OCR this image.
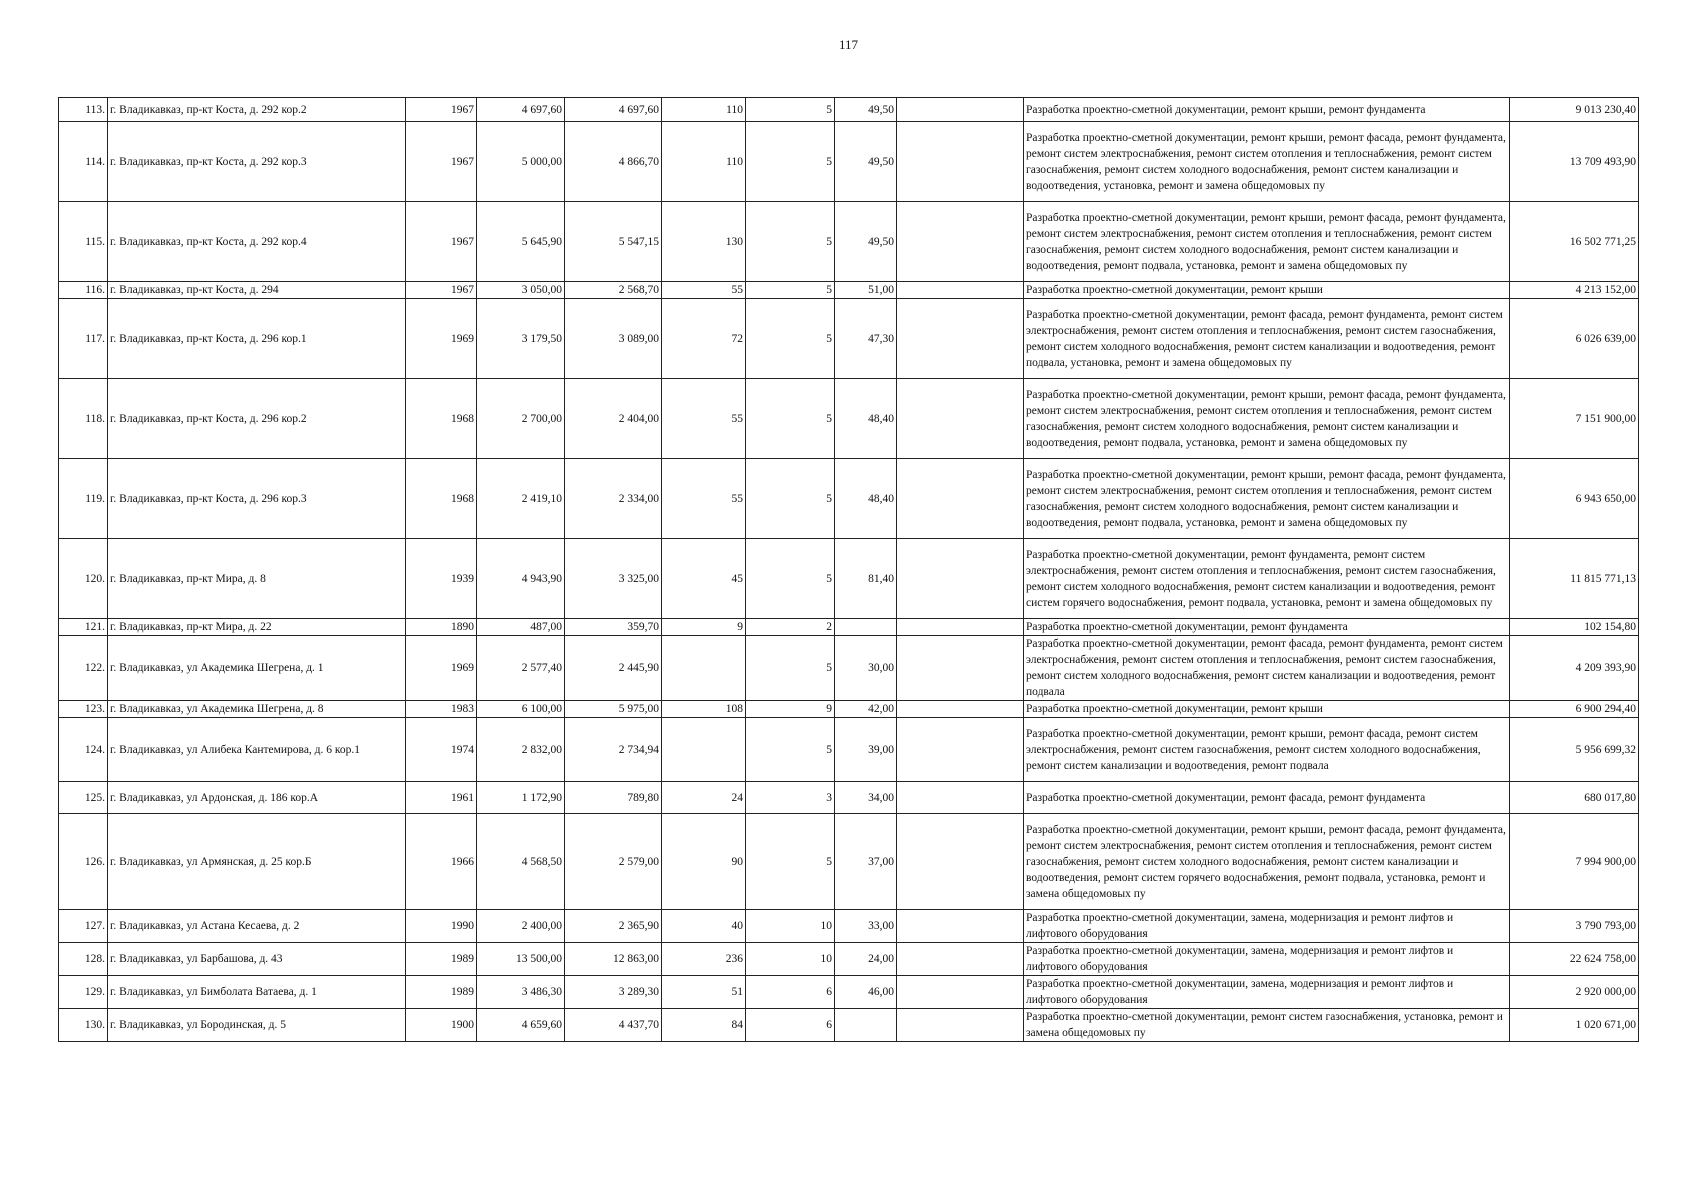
117
113.	г. Владикавказ, пр-кт Коста, д. 292 кор.2	1967	4 697,60	4 697,60	110	5	49,50		Разработка проектно-сметной документации, ремонт крыши, ремонт фундамента	9 013 230,40
114.	г. Владикавказ, пр-кт Коста, д. 292 кор.3	1967	5 000,00	4 866,70	110	5	49,50		Разработка проектно-сметной документации, ремонт крыши, ремонт фасада, ремонт фундамента, ремонт систем электроснабжения, ремонт систем отопления и теплоснабжения, ремонт систем газоснабжения, ремонт систем холодного водоснабжения, ремонт систем канализации и водоотведения, установка, ремонт и замена общедомовых пу	13 709 493,90
115.	г. Владикавказ, пр-кт Коста, д. 292 кор.4	1967	5 645,90	5 547,15	130	5	49,50		Разработка проектно-сметной документации, ремонт крыши, ремонт фасада, ремонт фундамента, ремонт систем электроснабжения, ремонт систем отопления и теплоснабжения, ремонт систем газоснабжения, ремонт систем холодного водоснабжения, ремонт систем канализации и водоотведения, ремонт подвала, установка, ремонт и замена общедомовых пу	16 502 771,25
116.	г. Владикавказ, пр-кт Коста, д. 294	1967	3 050,00	2 568,70	55	5	51,00		Разработка проектно-сметной документации, ремонт крыши	4 213 152,00
117.	г. Владикавказ, пр-кт Коста, д. 296 кор.1	1969	3 179,50	3 089,00	72	5	47,30		Разработка проектно-сметной документации, ремонт фасада, ремонт фундамента, ремонт систем электроснабжения, ремонт систем отопления и теплоснабжения, ремонт систем газоснабжения, ремонт систем холодного водоснабжения, ремонт систем канализации и водоотведения, ремонт подвала, установка, ремонт и замена общедомовых пу	6 026 639,00
118.	г. Владикавказ, пр-кт Коста, д. 296 кор.2	1968	2 700,00	2 404,00	55	5	48,40		Разработка проектно-сметной документации, ремонт крыши, ремонт фасада, ремонт фундамента, ремонт систем электроснабжения, ремонт систем отопления и теплоснабжения, ремонт систем газоснабжения, ремонт систем холодного водоснабжения, ремонт систем канализации и водоотведения, ремонт подвала, установка, ремонт и замена общедомовых пу	7 151 900,00
119.	г. Владикавказ, пр-кт Коста, д. 296 кор.3	1968	2 419,10	2 334,00	55	5	48,40		Разработка проектно-сметной документации, ремонт крыши, ремонт фасада, ремонт фундамента, ремонт систем электроснабжения, ремонт систем отопления и теплоснабжения, ремонт систем газоснабжения, ремонт систем холодного водоснабжения, ремонт систем канализации и водоотведения, ремонт подвала, установка, ремонт и замена общедомовых пу	6 943 650,00
120.	г. Владикавказ, пр-кт Мира, д. 8	1939	4 943,90	3 325,00	45	5	81,40		Разработка проектно-сметной документации, ремонт фундамента, ремонт систем электроснабжения, ремонт систем отопления и теплоснабжения, ремонт систем газоснабжения, ремонт систем холодного водоснабжения, ремонт систем канализации и водоотведения, ремонт систем горячего водоснабжения, ремонт подвала, установка, ремонт и замена общедомовых пу	11 815 771,13
121.	г. Владикавказ, пр-кт Мира, д. 22	1890	487,00	359,70	9	2			Разработка проектно-сметной документации, ремонт фундамента	102 154,80
122.	г. Владикавказ, ул Академика Шегрена, д. 1	1969	2 577,40	2 445,90		5	30,00		Разработка проектно-сметной документации, ремонт фасада, ремонт фундамента, ремонт систем электроснабжения, ремонт систем отопления и теплоснабжения, ремонт систем газоснабжения, ремонт систем холодного водоснабжения, ремонт систем канализации и водоотведения, ремонт подвала	4 209 393,90
123.	г. Владикавказ, ул Академика Шегрена, д. 8	1983	6 100,00	5 975,00	108	9	42,00		Разработка проектно-сметной документации, ремонт крыши	6 900 294,40
124.	г. Владикавказ, ул Алибека Кантемирова, д. 6 кор.1	1974	2 832,00	2 734,94		5	39,00		Разработка проектно-сметной документации, ремонт крыши, ремонт фасада, ремонт систем электроснабжения, ремонт систем газоснабжения, ремонт систем холодного водоснабжения, ремонт систем канализации и водоотведения, ремонт подвала	5 956 699,32
125.	г. Владикавказ, ул Ардонская, д. 186 кор.А	1961	1 172,90	789,80	24	3	34,00		Разработка проектно-сметной документации, ремонт фасада, ремонт фундамента	680 017,80
126.	г. Владикавказ, ул Армянская, д. 25 кор.Б	1966	4 568,50	2 579,00	90	5	37,00		Разработка проектно-сметной документации, ремонт крыши, ремонт фасада, ремонт фундамента, ремонт систем электроснабжения, ремонт систем отопления и теплоснабжения, ремонт систем газоснабжения, ремонт систем холодного водоснабжения, ремонт систем канализации и водоотведения, ремонт систем горячего водоснабжения, ремонт подвала, установка, ремонт и замена общедомовых пу	7 994 900,00
127.	г. Владикавказ, ул Астана Кесаева, д. 2	1990	2 400,00	2 365,90	40	10	33,00		Разработка проектно-сметной документации, замена, модернизация и ремонт лифтов и лифтового оборудования	3 790 793,00
128.	г. Владикавказ, ул Барбашова, д. 43	1989	13 500,00	12 863,00	236	10	24,00		Разработка проектно-сметной документации, замена, модернизация и ремонт лифтов и лифтового оборудования	22 624 758,00
129.	г. Владикавказ, ул Бимболата Ватаева, д. 1	1989	3 486,30	3 289,30	51	6	46,00		Разработка проектно-сметной документации, замена, модернизация и ремонт лифтов и лифтового оборудования	2 920 000,00
130.	г. Владикавказ, ул Бородинская, д. 5	1900	4 659,60	4 437,70	84	6			Разработка проектно-сметной документации, ремонт систем газоснабжения, установка, ремонт и замена общедомовых пу	1 020 671,00
